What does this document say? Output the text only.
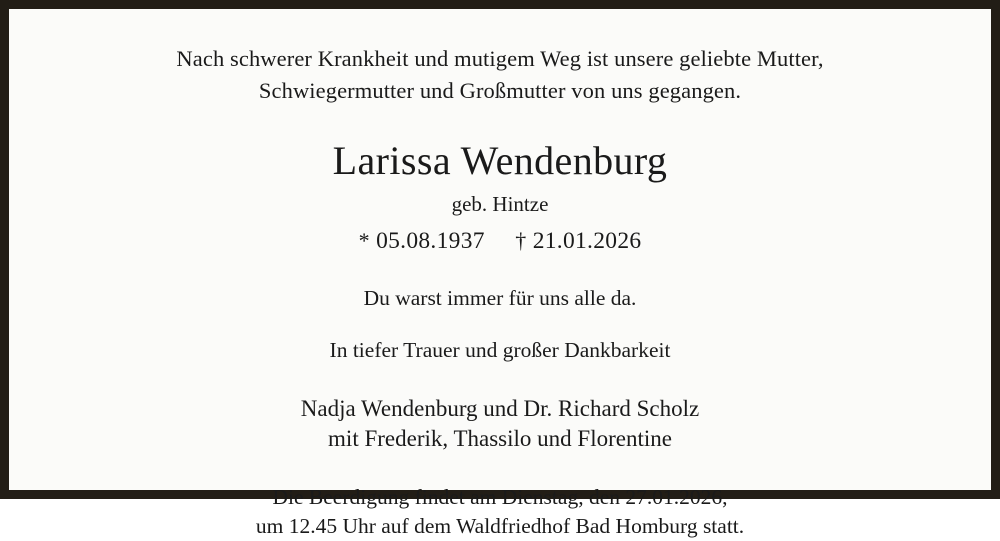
Nach schwerer Krankheit und mutigem Weg ist unsere geliebte Mutter,
Schwiegermutter und Großmutter von uns gegangen.
Larissa Wendenburg
geb. Hintze
* 05.08.1937 † 21.01.2026
Du warst immer für uns alle da.
In tiefer Trauer und großer Dankbarkeit
Nadja Wendenburg und Dr. Richard Scholz
mit Frederik, Thassilo und Florentine
Die Beerdigung findet am Dienstag, den 27.01.2026,
um 12.45 Uhr auf dem Waldfriedhof Bad Homburg statt.
